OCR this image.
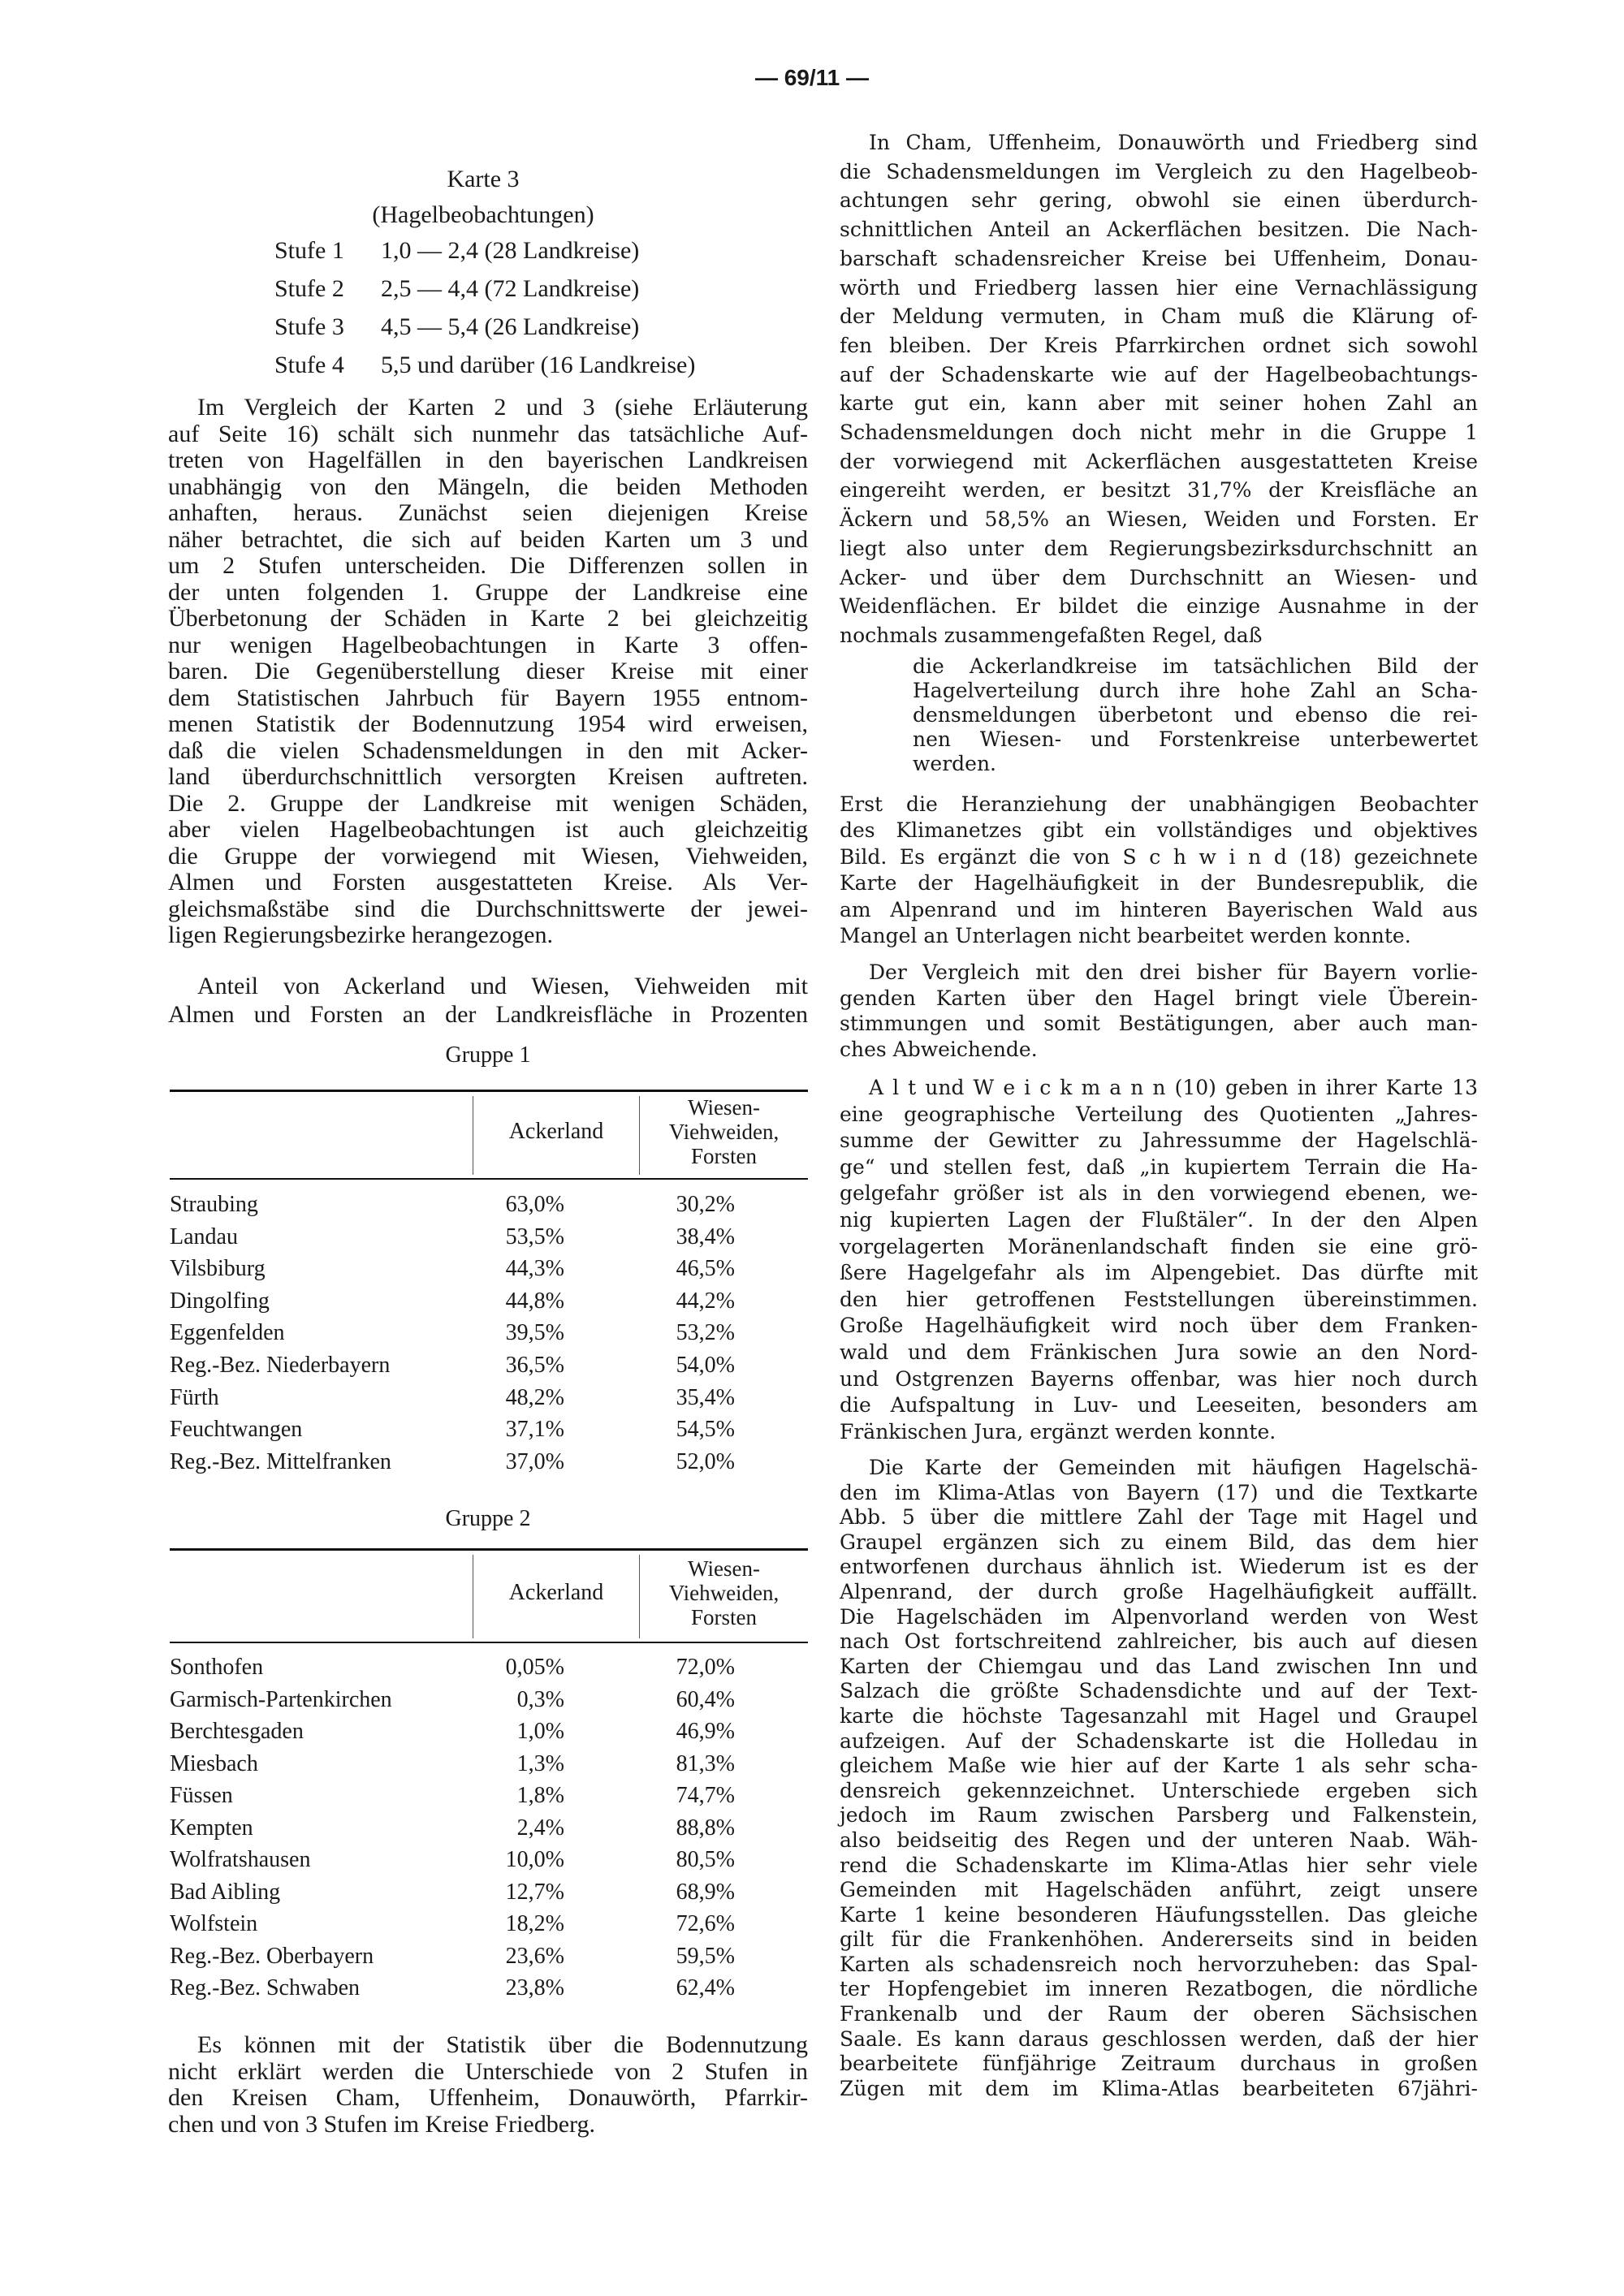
— 69/11 —
Karte 3
(Hagelbeobachtungen)
Stufe 1 1,0 — 2,4 (28 Landkreise)
Stufe 2 2,5 — 4,4 (72 Landkreise)
Stufe 3 4,5 — 5,4 (26 Landkreise)
Stufe 4 5,5 und darüber (16 Landkreise)
Im Vergleich der Karten 2 und 3 (siehe Erläuterung
auf Seite 16) schält sich nunmehr das tatsächliche Auf-
treten von Hagelfällen in den bayerischen Landkreisen
unabhängig von den Mängeln, die beiden Methoden
anhaften, heraus. Zunächst seien diejenigen Kreise
näher betrachtet, die sich auf beiden Karten um 3 und
um 2 Stufen unterscheiden. Die Differenzen sollen in
der unten folgenden 1. Gruppe der Landkreise eine
Überbetonung der Schäden in Karte 2 bei gleichzeitig
nur wenigen Hagelbeobachtungen in Karte 3 offen-
baren. Die Gegenüberstellung dieser Kreise mit einer
dem Statistischen Jahrbuch für Bayern 1955 entnom-
menen Statistik der Bodennutzung 1954 wird erweisen,
daß die vielen Schadensmeldungen in den mit Acker-
land überdurchschnittlich versorgten Kreisen auftreten.
Die 2. Gruppe der Landkreise mit wenigen Schäden,
aber vielen Hagelbeobachtungen ist auch gleichzeitig
die Gruppe der vorwiegend mit Wiesen, Viehweiden,
Almen und Forsten ausgestatteten Kreise. Als Ver-
gleichsmaßstäbe sind die Durchschnittswerte der jewei-
ligen Regierungsbezirke herangezogen.
Anteil von Ackerland und Wiesen, Viehweiden mit
Almen und Forsten an der Landkreisfläche in Prozenten
Gruppe 1
Ackerland
Wiesen-
Viehweiden,
Forsten
Straubing	63,0%	30,2%
Landau	53,5%	38,4%
Vilsbiburg	44,3%	46,5%
Dingolfing	44,8%	44,2%
Eggenfelden	39,5%	53,2%
Reg.-Bez. Niederbayern	36,5%	54,0%
Fürth	48,2%	35,4%
Feuchtwangen	37,1%	54,5%
Reg.-Bez. Mittelfranken	37,0%	52,0%
Gruppe 2
Ackerland
Wiesen-
Viehweiden,
Forsten
Sonthofen	0,05%	72,0%
Garmisch-Partenkirchen	0,3%	60,4%
Berchtesgaden	1,0%	46,9%
Miesbach	1,3%	81,3%
Füssen	1,8%	74,7%
Kempten	2,4%	88,8%
Wolfratshausen	10,0%	80,5%
Bad Aibling	12,7%	68,9%
Wolfstein	18,2%	72,6%
Reg.-Bez. Oberbayern	23,6%	59,5%
Reg.-Bez. Schwaben	23,8%	62,4%
Es können mit der Statistik über die Bodennutzung
nicht erklärt werden die Unterschiede von 2 Stufen in
den Kreisen Cham, Uffenheim, Donauwörth, Pfarrkir-
chen und von 3 Stufen im Kreise Friedberg.
In Cham, Uffenheim, Donauwörth und Friedberg sind
die Schadensmeldungen im Vergleich zu den Hagelbeob-
achtungen sehr gering, obwohl sie einen überdurch-
schnittlichen Anteil an Ackerflächen besitzen. Die Nach-
barschaft schadensreicher Kreise bei Uffenheim, Donau-
wörth und Friedberg lassen hier eine Vernachlässigung
der Meldung vermuten, in Cham muß die Klärung of-
fen bleiben. Der Kreis Pfarrkirchen ordnet sich sowohl
auf der Schadenskarte wie auf der Hagelbeobachtungs-
karte gut ein, kann aber mit seiner hohen Zahl an
Schadensmeldungen doch nicht mehr in die Gruppe 1
der vorwiegend mit Ackerflächen ausgestatteten Kreise
eingereiht werden, er besitzt 31,7% der Kreisfläche an
Äckern und 58,5% an Wiesen, Weiden und Forsten. Er
liegt also unter dem Regierungsbezirksdurchschnitt an
Acker- und über dem Durchschnitt an Wiesen- und
Weidenflächen. Er bildet die einzige Ausnahme in der
nochmals zusammengefaßten Regel, daß
die Ackerlandkreise im tatsächlichen Bild der
Hagelverteilung durch ihre hohe Zahl an Scha-
densmeldungen überbetont und ebenso die rei-
nen Wiesen- und Forstenkreise unterbewertet
werden.
Erst die Heranziehung der unabhängigen Beobachter
des Klimanetzes gibt ein vollständiges und objektives
Bild. Es ergänzt die von S c h w i n d (18) gezeichnete
Karte der Hagelhäufigkeit in der Bundesrepublik, die
am Alpenrand und im hinteren Bayerischen Wald aus
Mangel an Unterlagen nicht bearbeitet werden konnte.
Der Vergleich mit den drei bisher für Bayern vorlie-
genden Karten über den Hagel bringt viele Überein-
stimmungen und somit Bestätigungen, aber auch man-
ches Abweichende.
A l t und W e i c k m a n n (10) geben in ihrer Karte 13
eine geographische Verteilung des Quotienten „Jahres-
summe der Gewitter zu Jahressumme der Hagelschlä-
ge“ und stellen fest, daß „in kupiertem Terrain die Ha-
gelgefahr größer ist als in den vorwiegend ebenen, we-
nig kupierten Lagen der Flußtäler“. In der den Alpen
vorgelagerten Moränenlandschaft finden sie eine grö-
ßere Hagelgefahr als im Alpengebiet. Das dürfte mit
den hier getroffenen Feststellungen übereinstimmen.
Große Hagelhäufigkeit wird noch über dem Franken-
wald und dem Fränkischen Jura sowie an den Nord-
und Ostgrenzen Bayerns offenbar, was hier noch durch
die Aufspaltung in Luv- und Leeseiten, besonders am
Fränkischen Jura, ergänzt werden konnte.
Die Karte der Gemeinden mit häufigen Hagelschä-
den im Klima-Atlas von Bayern (17) und die Textkarte
Abb. 5 über die mittlere Zahl der Tage mit Hagel und
Graupel ergänzen sich zu einem Bild, das dem hier
entworfenen durchaus ähnlich ist. Wiederum ist es der
Alpenrand, der durch große Hagelhäufigkeit auffällt.
Die Hagelschäden im Alpenvorland werden von West
nach Ost fortschreitend zahlreicher, bis auch auf diesen
Karten der Chiemgau und das Land zwischen Inn und
Salzach die größte Schadensdichte und auf der Text-
karte die höchste Tagesanzahl mit Hagel und Graupel
aufzeigen. Auf der Schadenskarte ist die Holledau in
gleichem Maße wie hier auf der Karte 1 als sehr scha-
densreich gekennzeichnet. Unterschiede ergeben sich
jedoch im Raum zwischen Parsberg und Falkenstein,
also beidseitig des Regen und der unteren Naab. Wäh-
rend die Schadenskarte im Klima-Atlas hier sehr viele
Gemeinden mit Hagelschäden anführt, zeigt unsere
Karte 1 keine besonderen Häufungsstellen. Das gleiche
gilt für die Frankenhöhen. Andererseits sind in beiden
Karten als schadensreich noch hervorzuheben: das Spal-
ter Hopfengebiet im inneren Rezatbogen, die nördliche
Frankenalb und der Raum der oberen Sächsischen
Saale. Es kann daraus geschlossen werden, daß der hier
bearbeitete fünfjährige Zeitraum durchaus in großen
Zügen mit dem im Klima-Atlas bearbeiteten 67jähri-
